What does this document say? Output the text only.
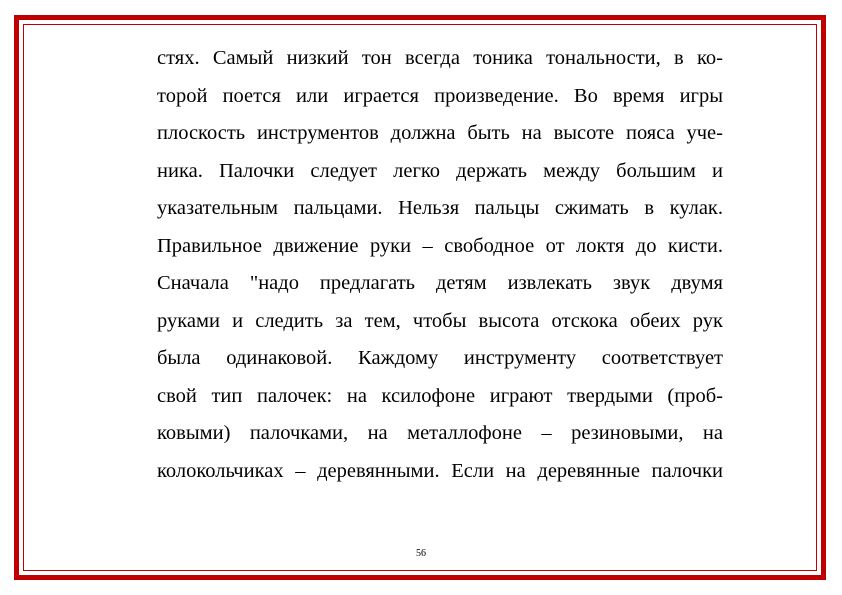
стях. Самый низкий тон всегда тоника тональности, в ко-
торой поется или играется произведение. Во время игры
плоскость инструментов должна быть на высоте пояса уче-
ника. Палочки следует легко держать между большим и
указательным пальцами. Нельзя пальцы сжимать в кулак.
Правильное движение руки – свободное от локтя до кисти.
Сначала "надо предлагать детям извлекать звук двумя
руками и следить за тем, чтобы высота отскока обеих рук
была одинаковой. Каждому инструменту соответствует
свой тип палочек: на ксилофоне играют твердыми (проб-
ковыми) палочками, на металлофоне – резиновыми, на
колокольчиках – деревянными. Если на деревянные палочки
56
